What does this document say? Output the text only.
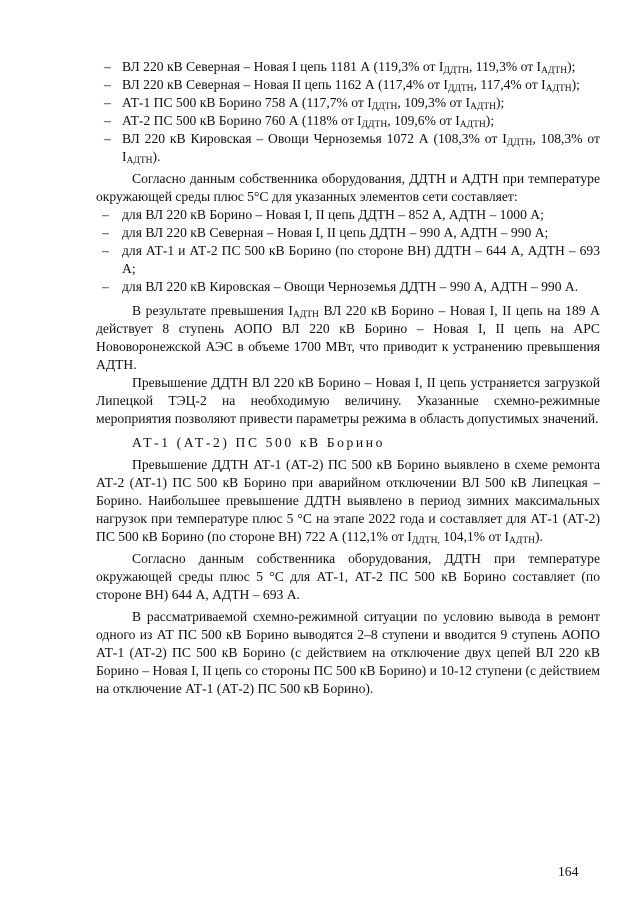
– ВЛ 220 кВ Северная – Новая I цепь 1181 А (119,3% от $I_{ДДТН}$, 119,3% от $I_{АДТН}$);
– ВЛ 220 кВ Северная – Новая II цепь 1162 А (117,4% от $I_{ДДТН}$, 117,4% от $I_{АДТН}$);
– АТ-1 ПС 500 кВ Борино 758 А (117,7% от $I_{ДДТН}$, 109,3% от $I_{АДТН}$);
– АТ-2 ПС 500 кВ Борино 760 А (118% от $I_{ДДТН}$, 109,6% от $I_{АДТН}$);
– ВЛ 220 кВ Кировская – Овощи Черноземья 1072 А (108,3% от $I_{ДДТН}$, 108,3% от $I_{АДТН}$).

Согласно данным собственника оборудования, ДДТН и АДТН при температуре окружающей среды плюс 5°С для указанных элементов сети составляет:

– для ВЛ 220 кВ Борино – Новая I, II цепь ДДТН – 852 А, АДТН – 1000 А;
– для ВЛ 220 кВ Северная – Новая I, II цепь ДДТН – 990 А, АДТН – 990 А;
– для АТ-1 и АТ-2 ПС 500 кВ Борино (по стороне ВН) ДДТН – 644 А, АДТН – 693 А;
– для ВЛ 220 кВ Кировская – Овощи Черноземья ДДТН – 990 А, АДТН – 990 А.

В результате превышения $I_{АДТН}$ ВЛ 220 кВ Борино – Новая I, II цепь на 189 А действует 8 ступень АОПО ВЛ 220 кВ Борино – Новая I, II цепь на АРС Нововоронежской АЭС в объеме 1700 МВт, что приводит к устранению превышения АДТН.

Превышение ДДТН ВЛ 220 кВ Борино – Новая I, II цепь устраняется загрузкой Липецкой ТЭЦ-2 на необходимую величину. Указанные схемно-режимные мероприятия позволяют привести параметры режима в область допустимых значений.

АТ-1 (АТ-2) ПС 500 кВ Борино

Превышение ДДТН АТ-1 (АТ-2) ПС 500 кВ Борино выявлено в схеме ремонта АТ-2 (АТ-1) ПС 500 кВ Борино при аварийном отключении ВЛ 500 кВ Липецкая – Борино. Наибольшее превышение ДДТН выявлено в период зимних максимальных нагрузок при температуре плюс 5 °С на этапе 2022 года и составляет для АТ-1 (АТ-2) ПС 500 кВ Борино (по стороне ВН) 722 А (112,1% от $I_{ДДТН,}$ 104,1% от $I_{АДТН}$).

Согласно данным собственника оборудования, ДДТН при температуре окружающей среды плюс 5 °С для АТ-1, АТ-2 ПС 500 кВ Борино составляет (по стороне ВН) 644 А, АДТН – 693 А.

В рассматриваемой схемно-режимной ситуации по условию вывода в ремонт одного из АТ ПС 500 кВ Борино выводятся 2–8 ступени и вводится 9 ступень АОПО АТ-1 (АТ-2) ПС 500 кВ Борино (с действием на отключение двух цепей ВЛ 220 кВ Борино – Новая I, II цепь со стороны ПС 500 кВ Борино) и 10-12 ступени (с действием на отключение АТ-1 (АТ-2) ПС 500 кВ Борино).

164
